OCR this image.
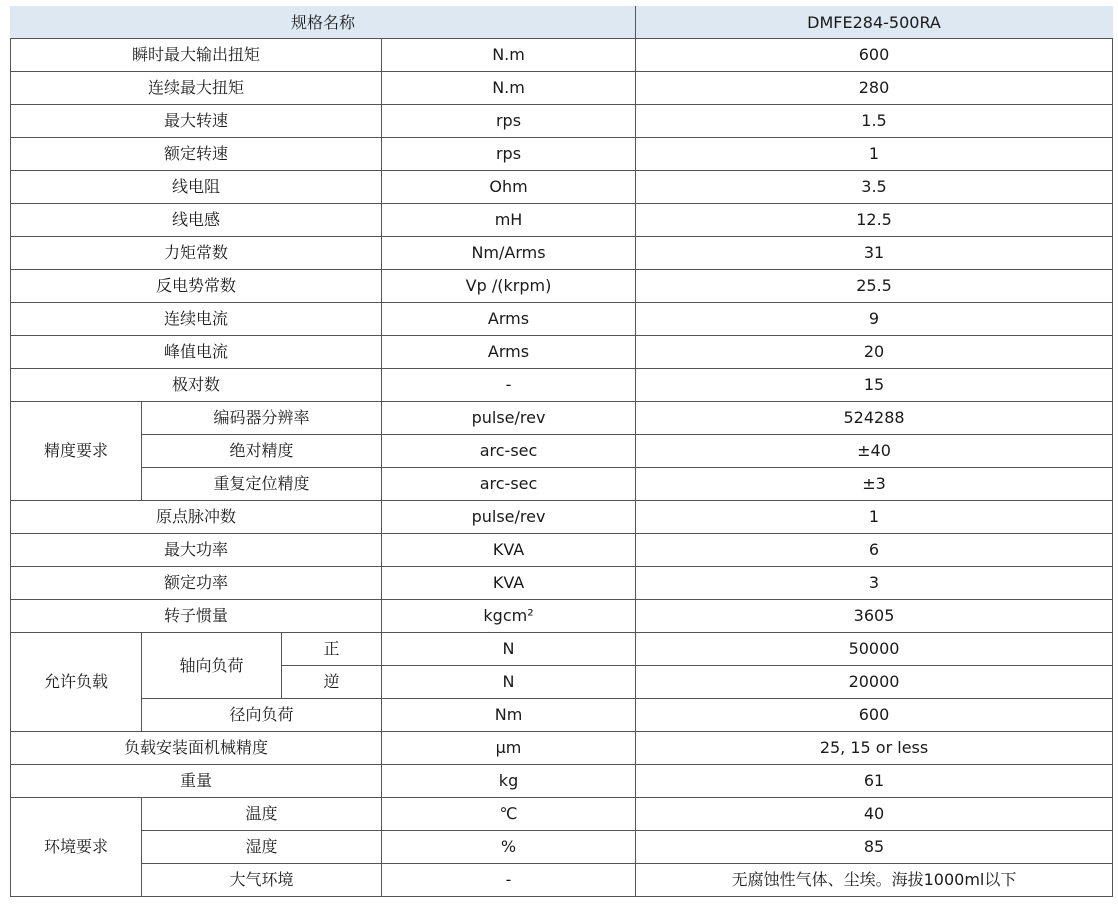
规格名称				DMFE284-500RA
瞬时最大输出扭矩			N.m	600
连续最大扭矩			N.m	280
最大转速			rps	1.5
额定转速			rps	1
线电阻			Ohm	3.5
线电感			mH	12.5
力矩常数			Nm/Arms	31
反电势常数			Vp /(krpm)	25.5
连续电流			Arms	9
峰值电流			Arms	20
极对数			-	15
精度要求	编码器分辨率		pulse/rev	524288
	绝对精度		arc-sec	±40
	重复定位精度		arc-sec	±3
原点脉冲数			pulse/rev	1
最大功率			KVA	6
额定功率			KVA	3
转子惯量			kgcm²	3605
允许负载	轴向负荷	正	N	50000
		逆	N	20000
	径向负荷		Nm	600
负载安装面机械精度			μm	25, 15 or less
重量			kg	61
环境要求	温度		℃	40
	湿度		%	85
	大气环境		-	无腐蚀性气体、尘埃。海拔1000ml以下
